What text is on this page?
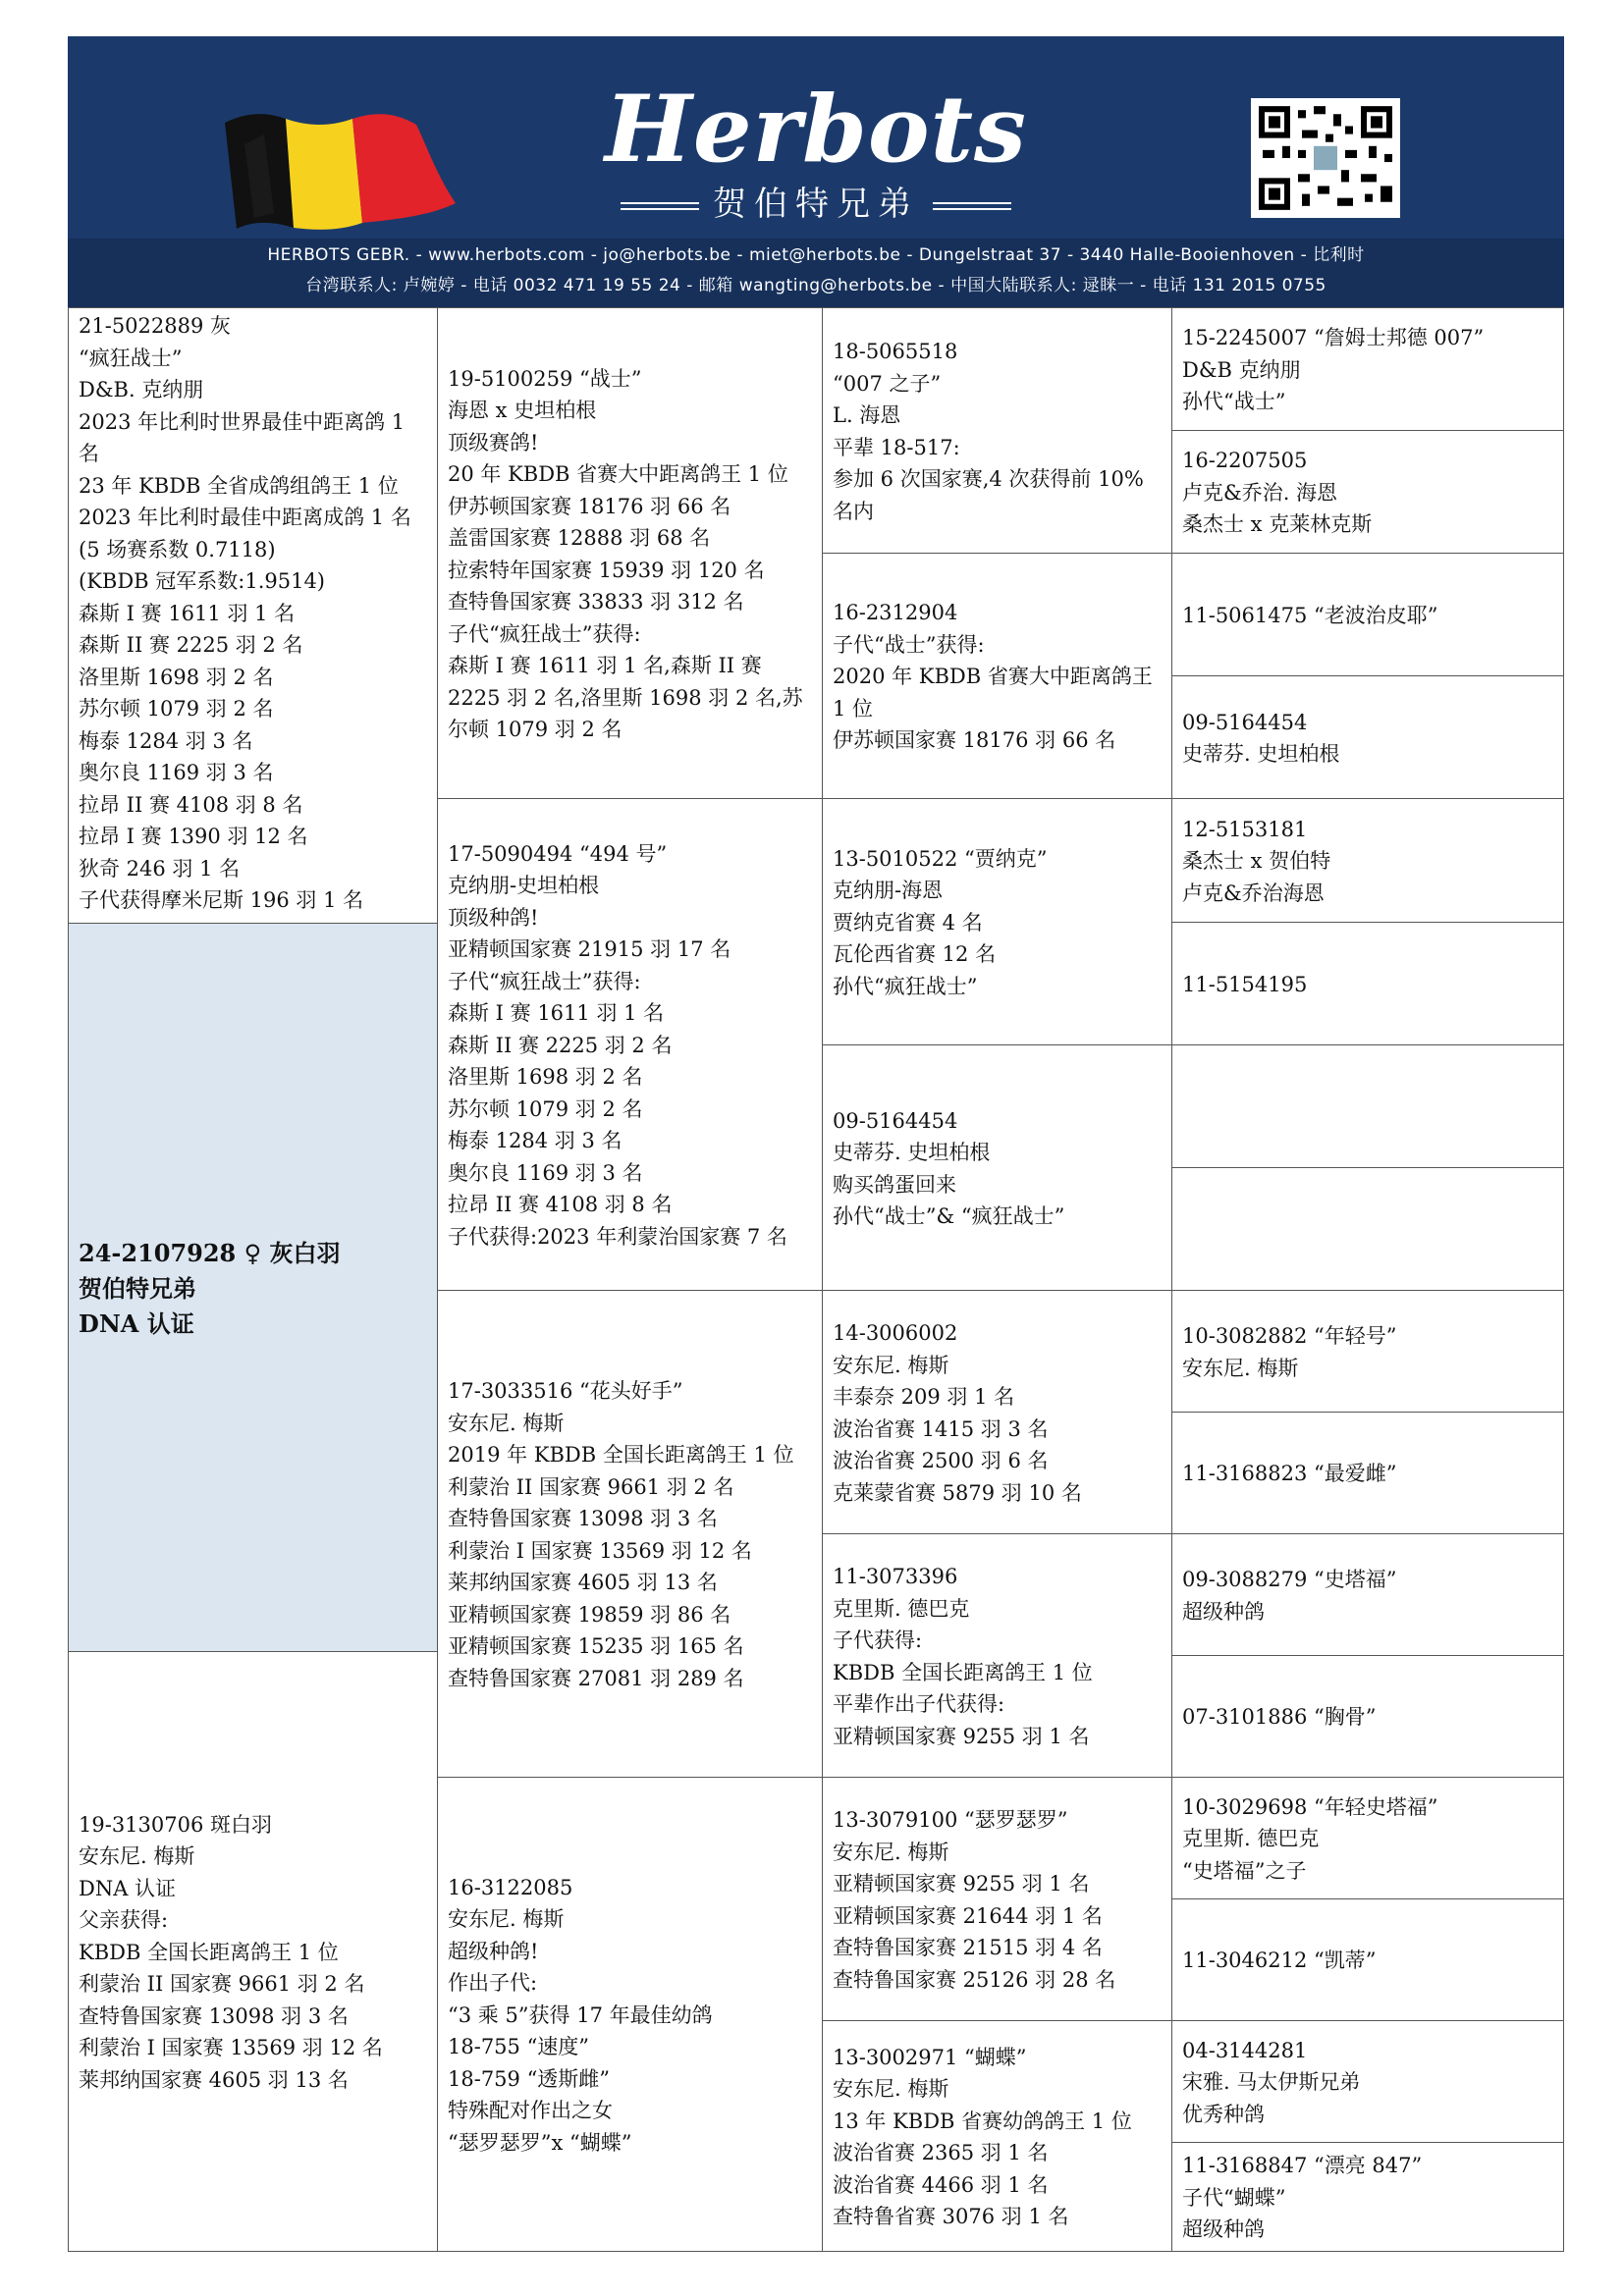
Herbots
贺伯特兄弟
HERBOTS GEBR. - www.herbots.com - jo@herbots.be - miet@herbots.be - Dungelstraat 37 - 3440 Halle-Booienhoven - 比利时
台湾联系人: 卢婉婷 - 电话 0032 471 19 55 24 - 邮箱 wangting@herbots.be - 中国大陆联系人: 逯睐一 - 电话 131 2015 0755
21-5022889 灰
“疯狂战士”
D&B. 克纳朋
2023 年比利时世界最佳中距离鸽 1 名
23 年 KBDB 全省成鸽组鸽王 1 位
2023 年比利时最佳中距离成鸽 1 名(5 场赛系数 0.7118)
(KBDB 冠军系数:1.9514)
森斯 I 赛 1611 羽 1 名
森斯 II 赛 2225 羽 2 名
洛里斯 1698 羽 2 名
苏尔顿 1079 羽 2 名
梅泰 1284 羽 3 名
奥尔良 1169 羽 3 名
拉昂 II 赛 4108 羽 8 名
拉昂 I 赛 1390 羽 12 名
狄奇 246 羽 1 名
子代获得摩米尼斯 196 羽 1 名
24-2107928 ♀ 灰白羽
贺伯特兄弟
DNA 认证
19-3130706 斑白羽
安东尼. 梅斯
DNA 认证
父亲获得:
KBDB 全国长距离鸽王 1 位
利蒙治 II 国家赛 9661 羽 2 名
查特鲁国家赛 13098 羽 3 名
利蒙治 I 国家赛 13569 羽 12 名
莱邦纳国家赛 4605 羽 13 名
19-5100259 “战士”
海恩 x 史坦柏根
顶级赛鸽!
20 年 KBDB 省赛大中距离鸽王 1 位
伊苏顿国家赛 18176 羽 66 名
盖雷国家赛 12888 羽 68 名
拉索特年国家赛 15939 羽 120 名
查特鲁国家赛 33833 羽 312 名
子代“疯狂战士”获得:
森斯 I 赛 1611 羽 1 名,森斯 II 赛 2225 羽 2 名,洛里斯 1698 羽 2 名,苏尔顿 1079 羽 2 名
17-5090494 “494 号”
克纳朋-史坦柏根
顶级种鸽!
亚精顿国家赛 21915 羽 17 名
子代“疯狂战士”获得:
森斯 I 赛 1611 羽 1 名
森斯 II 赛 2225 羽 2 名
洛里斯 1698 羽 2 名
苏尔顿 1079 羽 2 名
梅泰 1284 羽 3 名
奥尔良 1169 羽 3 名
拉昂 II 赛 4108 羽 8 名
子代获得:2023 年利蒙治国家赛 7 名
17-3033516 “花头好手”
安东尼. 梅斯
2019 年 KBDB 全国长距离鸽王 1 位
利蒙治 II 国家赛 9661 羽 2 名
查特鲁国家赛 13098 羽 3 名
利蒙治 I 国家赛 13569 羽 12 名
莱邦纳国家赛 4605 羽 13 名
亚精顿国家赛 19859 羽 86 名
亚精顿国家赛 15235 羽 165 名
查特鲁国家赛 27081 羽 289 名
16-3122085
安东尼. 梅斯
超级种鸽!
作出子代:
“3 乘 5”获得 17 年最佳幼鸽
18-755 “速度”
18-759 “透斯雌”
特殊配对作出之女
“瑟罗瑟罗”x “蝴蝶”
18-5065518
“007 之子”
L. 海恩
平辈 18-517:
参加 6 次国家赛,4 次获得前 10%名内
16-2312904
子代“战士”获得:
2020 年 KBDB 省赛大中距离鸽王 1 位
伊苏顿国家赛 18176 羽 66 名
13-5010522 “贾纳克”
克纳朋-海恩
贾纳克省赛 4 名
瓦伦西省赛 12 名
孙代“疯狂战士”
09-5164454
史蒂芬. 史坦柏根
购买鸽蛋回来
孙代“战士”& “疯狂战士”
14-3006002
安东尼. 梅斯
丰泰奈 209 羽 1 名
波治省赛 1415 羽 3 名
波治省赛 2500 羽 6 名
克莱蒙省赛 5879 羽 10 名
11-3073396
克里斯. 德巴克
子代获得:
KBDB 全国长距离鸽王 1 位
平辈作出子代获得:
亚精顿国家赛 9255 羽 1 名
13-3079100 “瑟罗瑟罗”
安东尼. 梅斯
亚精顿国家赛 9255 羽 1 名
亚精顿国家赛 21644 羽 1 名
查特鲁国家赛 21515 羽 4 名
查特鲁国家赛 25126 羽 28 名
13-3002971 “蝴蝶”
安东尼. 梅斯
13 年 KBDB 省赛幼鸽鸽王 1 位
波治省赛 2365 羽 1 名
波治省赛 4466 羽 1 名
查特鲁省赛 3076 羽 1 名
15-2245007 “詹姆士邦德 007”
D&B 克纳朋
孙代“战士”
16-2207505
卢克&乔治. 海恩
桑杰士 x 克莱林克斯
11-5061475 “老波治皮耶”
09-5164454
史蒂芬. 史坦柏根
12-5153181
桑杰士 x 贺伯特
卢克&乔治海恩
11-5154195
10-3082882 “年轻号”
安东尼. 梅斯
11-3168823 “最爱雌”
09-3088279 “史塔福”
超级种鸽
07-3101886 “胸骨”
10-3029698 “年轻史塔福”
克里斯. 德巴克
“史塔福”之子
11-3046212 “凯蒂”
04-3144281
宋雅. 马太伊斯兄弟
优秀种鸽
11-3168847 “漂亮 847”
子代“蝴蝶”
超级种鸽
